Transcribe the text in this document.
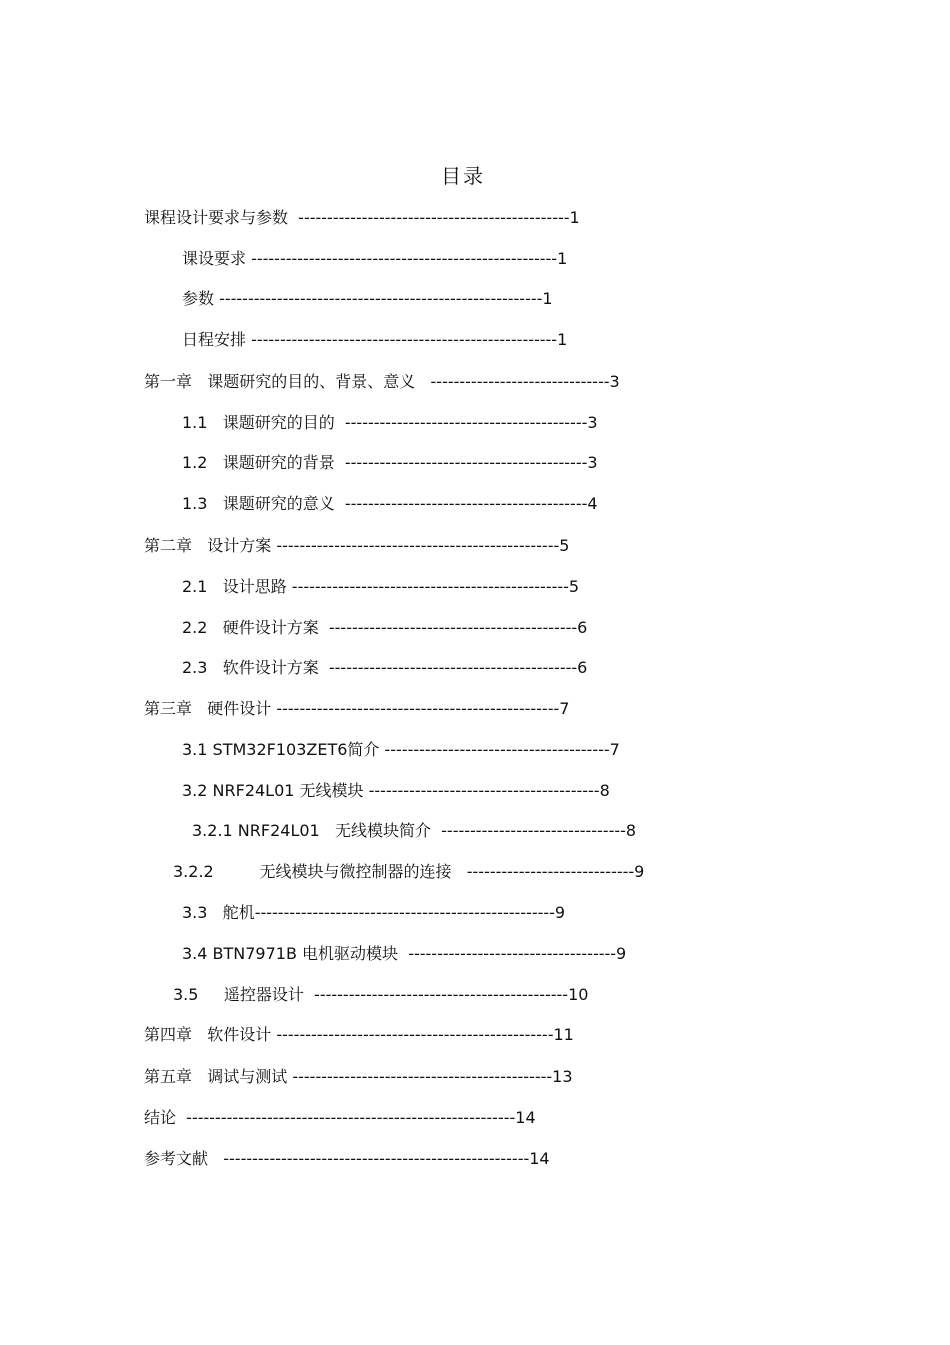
目录
课程设计要求与参数  -----------------------------------------------1
课设要求 -----------------------------------------------------1
参数 --------------------------------------------------------1
日程安排 -----------------------------------------------------1
第一章   课题研究的目的、背景、意义   -------------------------------3
1.1   课题研究的目的  ------------------------------------------3
1.2   课题研究的背景  ------------------------------------------3
1.3   课题研究的意义  ------------------------------------------4
第二章   设计方案 -------------------------------------------------5
2.1   设计思路 ------------------------------------------------5
2.2   硬件设计方案  -------------------------------------------6
2.3   软件设计方案  -------------------------------------------6
第三章   硬件设计 -------------------------------------------------7
3.1 STM32F103ZET6简介 ---------------------------------------7
3.2 NRF24L01 无线模块 ----------------------------------------8
3.2.1 NRF24L01   无线模块简介  --------------------------------8
3.2.2         无线模块与微控制器的连接   -----------------------------9
3.3   舵机----------------------------------------------------9
3.4 BTN7971B 电机驱动模块  ------------------------------------9
3.5     遥控器设计  --------------------------------------------10
第四章   软件设计 ------------------------------------------------11
第五章   调试与测试 ---------------------------------------------13
结论  ---------------------------------------------------------14
参考文献   -----------------------------------------------------14
